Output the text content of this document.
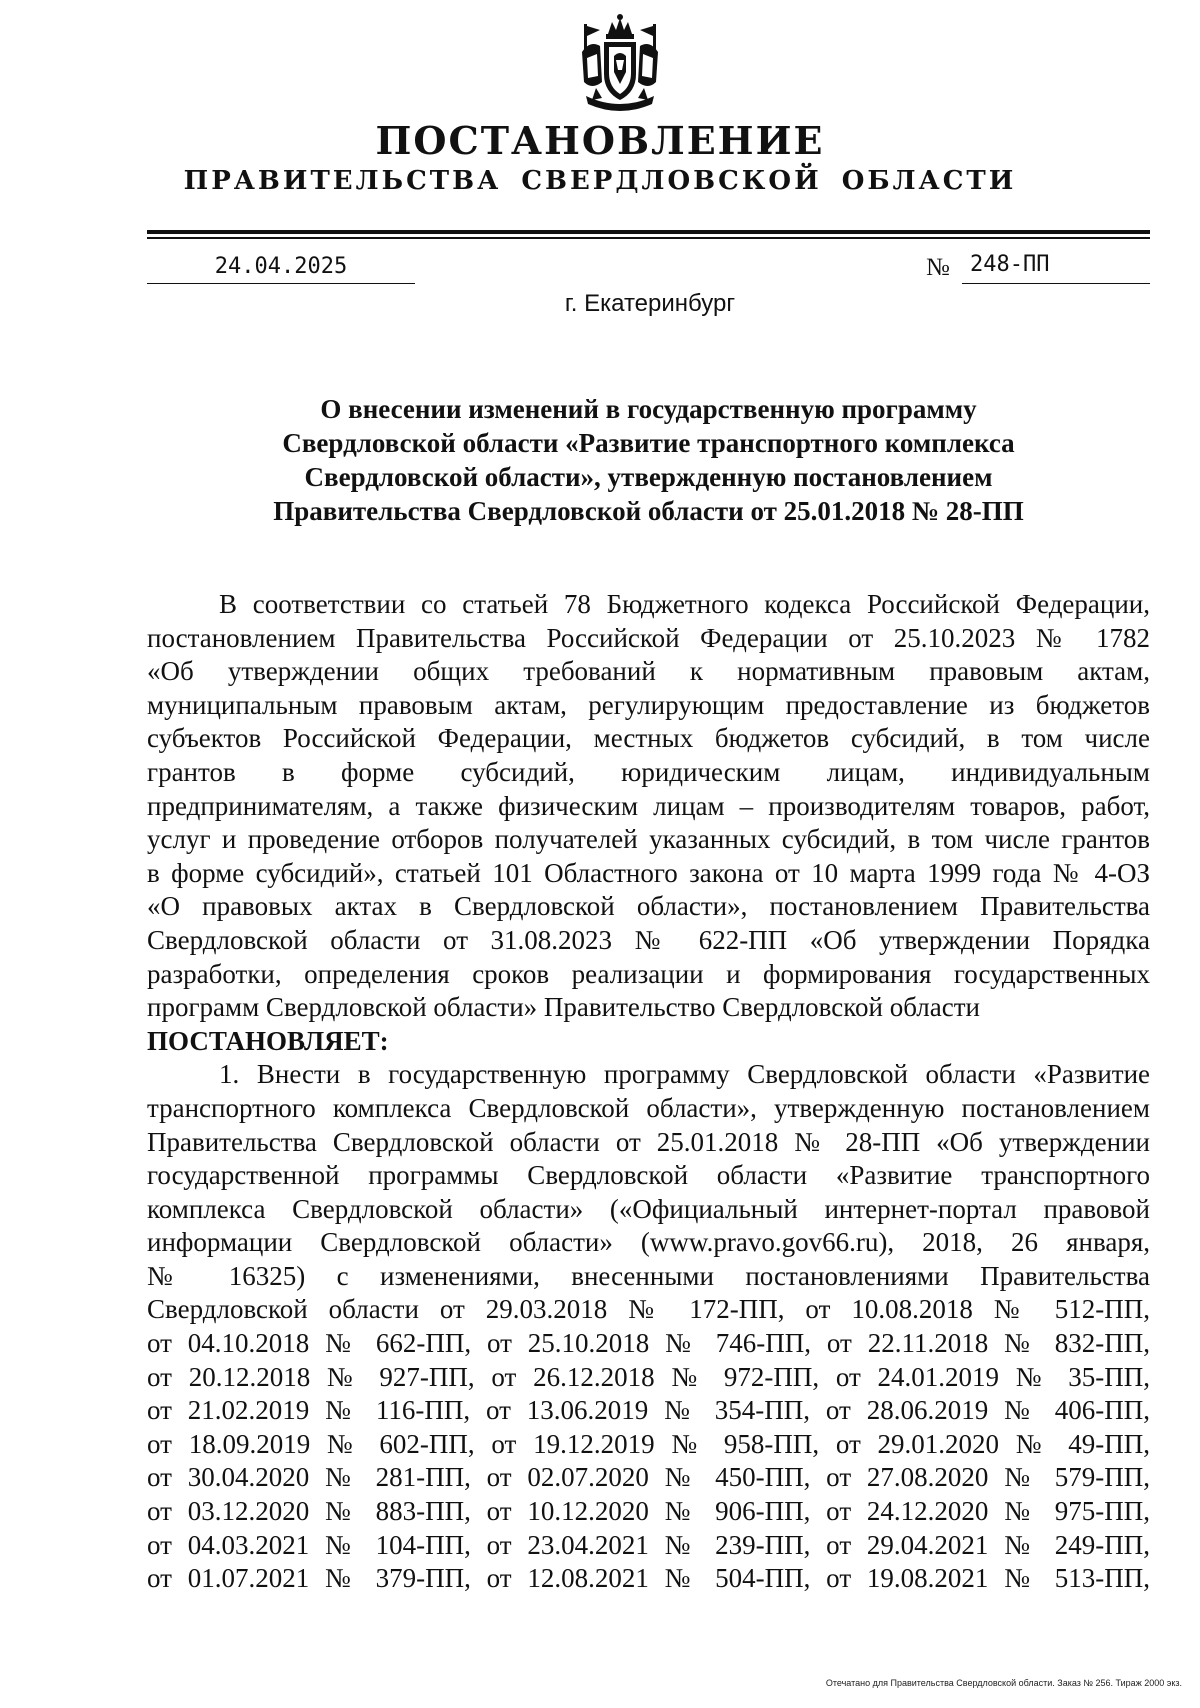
ПОСТАНОВЛЕНИЕ
ПРАВИТЕЛЬСТВА СВЕРДЛОВСКОЙ ОБЛАСТИ
24.04.2025	№ 248-ПП
г. Екатеринбург
О внесении изменений в государственную программу
Свердловской области «Развитие транспортного комплекса
Свердловской области», утвержденную постановлением
Правительства Свердловской области от 25.01.2018 № 28-ПП
В соответствии со статьей 78 Бюджетного кодекса Российской Федерации,
постановлением Правительства Российской Федерации от 25.10.2023 № 1782
«Об утверждении общих требований к нормативным правовым актам,
муниципальным правовым актам, регулирующим предоставление из бюджетов
субъектов Российской Федерации, местных бюджетов субсидий, в том числе
грантов в форме субсидий, юридическим лицам, индивидуальным
предпринимателям, а также физическим лицам – производителям товаров, работ,
услуг и проведение отборов получателей указанных субсидий, в том числе грантов
в форме субсидий», статьей 101 Областного закона от 10 марта 1999 года № 4-ОЗ
«О правовых актах в Свердловской области», постановлением Правительства
Свердловской области от 31.08.2023 № 622-ПП «Об утверждении Порядка
разработки, определения сроков реализации и формирования государственных
программ Свердловской области» Правительство Свердловской области
ПОСТАНОВЛЯЕТ:
1. Внести в государственную программу Свердловской области «Развитие
транспортного комплекса Свердловской области», утвержденную постановлением
Правительства Свердловской области от 25.01.2018 № 28-ПП «Об утверждении
государственной программы Свердловской области «Развитие транспортного
комплекса Свердловской области» («Официальный интернет-портал правовой
информации Свердловской области» (www.pravo.gov66.ru), 2018, 26 января,
№ 16325) с изменениями, внесенными постановлениями Правительства
Свердловской области от 29.03.2018 № 172-ПП, от 10.08.2018 № 512-ПП,
от 04.10.2018 № 662-ПП, от 25.10.2018 № 746-ПП, от 22.11.2018 № 832-ПП,
от 20.12.2018 № 927-ПП, от 26.12.2018 № 972-ПП, от 24.01.2019 № 35-ПП,
от 21.02.2019 № 116-ПП, от 13.06.2019 № 354-ПП, от 28.06.2019 № 406-ПП,
от 18.09.2019 № 602-ПП, от 19.12.2019 № 958-ПП, от 29.01.2020 № 49-ПП,
от 30.04.2020 № 281-ПП, от 02.07.2020 № 450-ПП, от 27.08.2020 № 579-ПП,
от 03.12.2020 № 883-ПП, от 10.12.2020 № 906-ПП, от 24.12.2020 № 975-ПП,
от 04.03.2021 № 104-ПП, от 23.04.2021 № 239-ПП, от 29.04.2021 № 249-ПП,
от 01.07.2021 № 379-ПП, от 12.08.2021 № 504-ПП, от 19.08.2021 № 513-ПП,
Отечатано для Правительства Свердловской области. Заказ № 256. Тираж 2000 экз.
